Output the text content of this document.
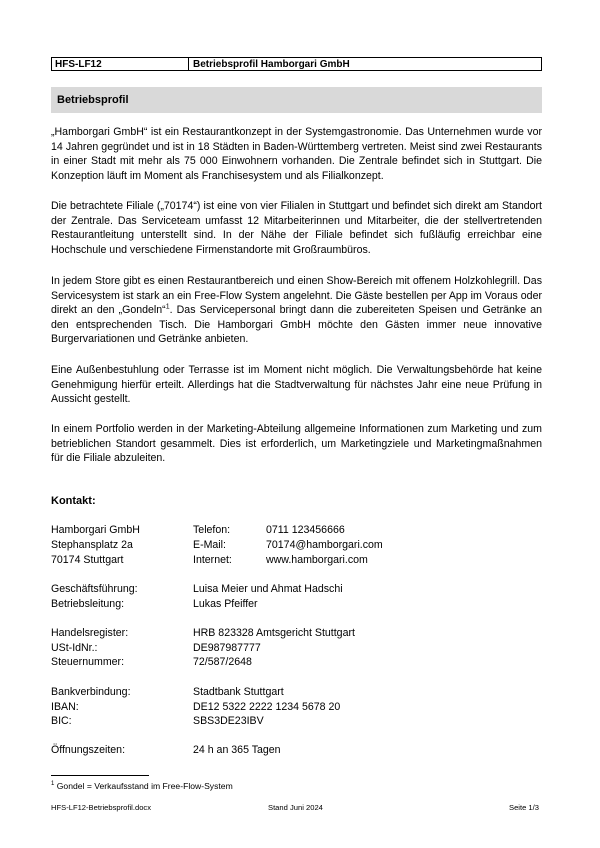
HFS-LF12	Betriebsprofil Hamborgari GmbH
Betriebsprofil
„Hamborgari GmbH“ ist ein Restaurantkonzept in der Systemgastronomie. Das Unternehmen wurde vor 14 Jahren gegründet und ist in 18 Städten in Baden-Württemberg vertreten. Meist sind zwei Restaurants in einer Stadt mit mehr als 75 000 Einwohnern vorhanden. Die Zentrale befindet sich in Stuttgart. Die Konzeption läuft im Moment als Franchisesystem und als Filialkonzept.
Die betrachtete Filiale („70174“) ist eine von vier Filialen in Stuttgart und befindet sich direkt am Standort der Zentrale. Das Serviceteam umfasst 12 Mitarbeiterinnen und Mitarbeiter, die der stellvertretenden Restaurantleitung unterstellt sind. In der Nähe der Filiale befindet sich fußläufig erreichbar eine Hochschule und verschiedene Firmenstandorte mit Großraumbüros.
In jedem Store gibt es einen Restaurantbereich und einen Show-Bereich mit offenem Holzkohlegrill. Das Servicesystem ist stark an ein Free-Flow System angelehnt. Die Gäste bestellen per App im Voraus oder direkt an den „Gondeln“$^1$. Das Servicepersonal bringt dann die zubereiteten Speisen und Getränke an den entsprechenden Tisch. Die Hamborgari GmbH möchte den Gästen immer neue innovative Burgervariationen und Getränke anbieten.
Eine Außenbestuhlung oder Terrasse ist im Moment nicht möglich. Die Verwaltungsbehörde hat keine Genehmigung hierfür erteilt. Allerdings hat die Stadtverwaltung für nächstes Jahr eine neue Prüfung in Aussicht gestellt.
In einem Portfolio werden in der Marketing-Abteilung allgemeine Informationen zum Marketing und zum betrieblichen Standort gesammelt. Dies ist erforderlich, um Marketingziele und Marketingmaßnahmen für die Filiale abzuleiten.
Kontakt:
Hamborgari GmbH	Telefon:	0711 123456666
Stephansplatz 2a	E-Mail:	70174@hamborgari.com
70174 Stuttgart	Internet:	www.hamborgari.com
Geschäftsführung:	Luisa Meier und Ahmat Hadschi
Betriebsleitung:	Lukas Pfeiffer
Handelsregister:	HRB 823328 Amtsgericht Stuttgart
USt-IdNr.:	DE987987777
Steuernummer:	72/587/2648
Bankverbindung:	Stadtbank Stuttgart
IBAN:	DE12 5322 2222 1234 5678 20
BIC:	SBS3DE23IBV
Öffnungszeiten:	24 h an 365 Tagen
$^1$ Gondel = Verkaufsstand im Free-Flow-System
HFS-LF12-Betriebsprofil.docx	Stand Juni 2024	Seite 1/3
